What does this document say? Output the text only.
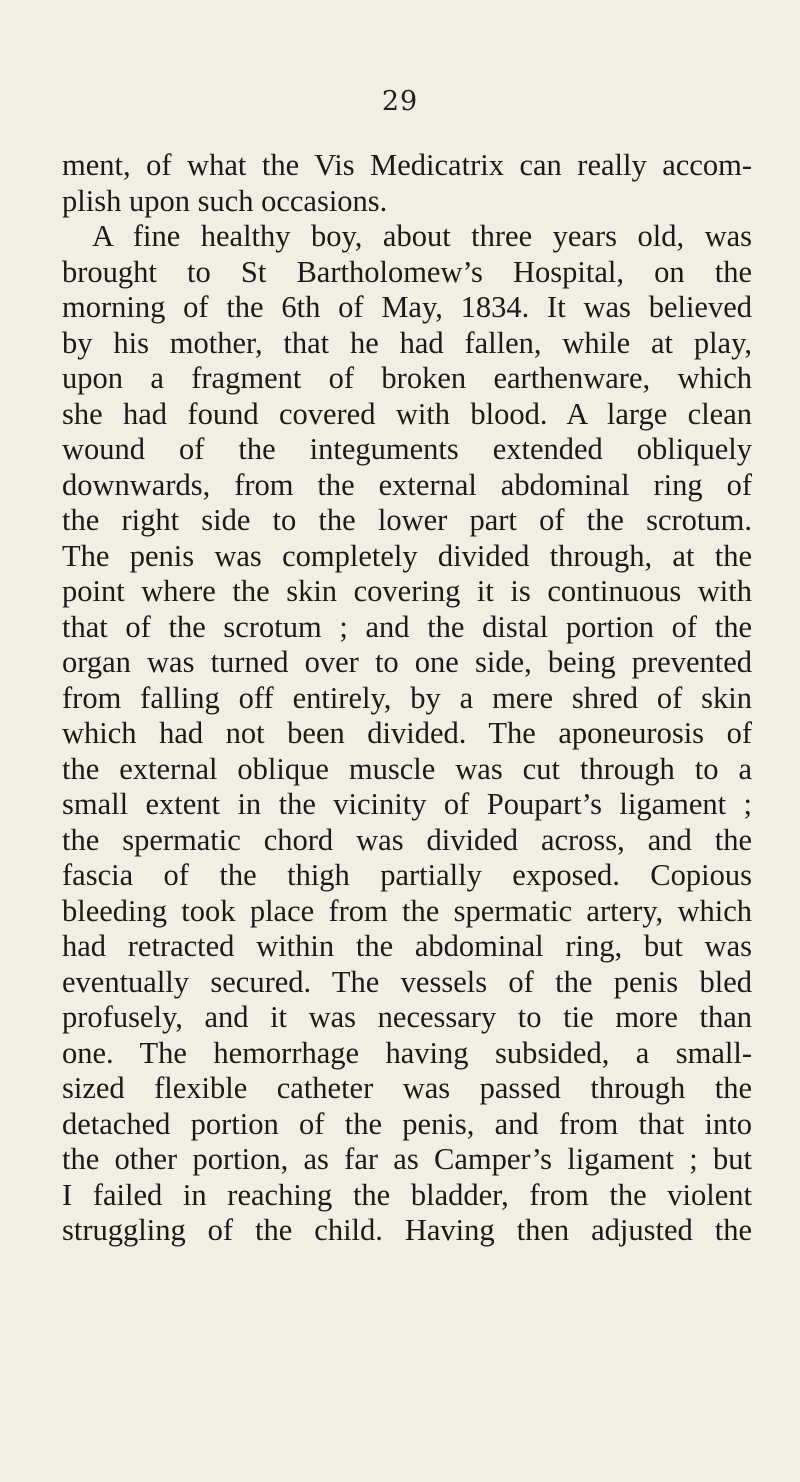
29
ment, of what the Vis Medicatrix can really accom-
plish upon such occasions.
A fine healthy boy, about three years old, was
brought to St Bartholomew’s Hospital, on the
morning of the 6th of May, 1834. It was believed
by his mother, that he had fallen, while at play,
upon a fragment of broken earthenware, which
she had found covered with blood. A large clean
wound of the integuments extended obliquely
downwards, from the external abdominal ring of
the right side to the lower part of the scrotum.
The penis was completely divided through, at the
point where the skin covering it is continuous with
that of the scrotum ; and the distal portion of the
organ was turned over to one side, being prevented
from falling off entirely, by a mere shred of skin
which had not been divided. The aponeurosis of
the external oblique muscle was cut through to a
small extent in the vicinity of Poupart’s ligament ;
the spermatic chord was divided across, and the
fascia of the thigh partially exposed. Copious
bleeding took place from the spermatic artery, which
had retracted within the abdominal ring, but was
eventually secured. The vessels of the penis bled
profusely, and it was necessary to tie more than
one. The hemorrhage having subsided, a small-
sized flexible catheter was passed through the
detached portion of the penis, and from that into
the other portion, as far as Camper’s ligament ; but
I failed in reaching the bladder, from the violent
struggling of the child. Having then adjusted the
